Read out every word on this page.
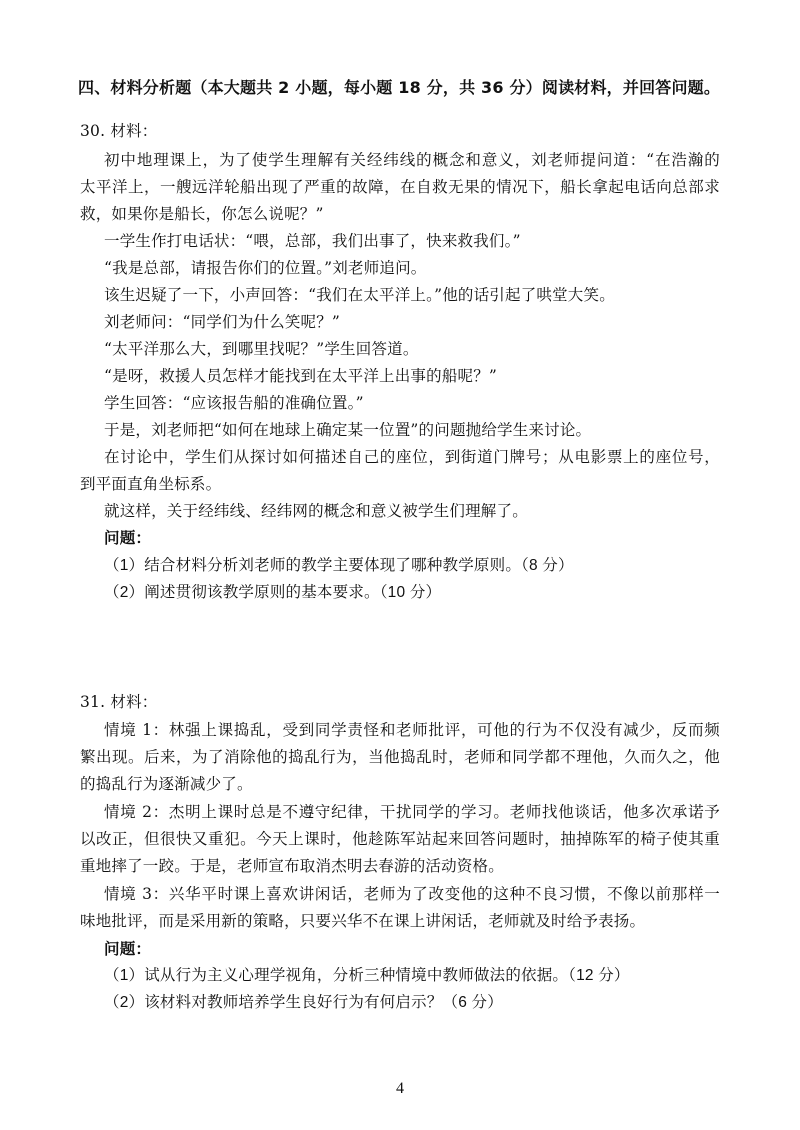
四、材料分析题（本大题共 2 小题，每小题 18 分，共 36 分）阅读材料，并回答问题。
30. 材料：
初中地理课上，为了使学生理解有关经纬线的概念和意义，刘老师提问道：“在浩瀚的
太平洋上，一艘远洋轮船出现了严重的故障，在自救无果的情况下，船长拿起电话向总部求
救，如果你是船长，你怎么说呢？”
一学生作打电话状：“喂，总部，我们出事了，快来救我们。”
“我是总部，请报告你们的位置。”刘老师追问。
该生迟疑了一下，小声回答：“我们在太平洋上。”他的话引起了哄堂大笑。
刘老师问：“同学们为什么笑呢？”
“太平洋那么大，到哪里找呢？”学生回答道。
“是呀，救援人员怎样才能找到在太平洋上出事的船呢？”
学生回答：“应该报告船的准确位置。”
于是，刘老师把“如何在地球上确定某一位置”的问题抛给学生来讨论。
在讨论中，学生们从探讨如何描述自己的座位，到街道门牌号；从电影票上的座位号，
到平面直角坐标系。
就这样，关于经纬线、经纬网的概念和意义被学生们理解了。
问题：
（1）结合材料分析刘老师的教学主要体现了哪种教学原则。（8 分）
（2）阐述贯彻该教学原则的基本要求。（10 分）
31. 材料：
情境 1：林强上课捣乱，受到同学责怪和老师批评，可他的行为不仅没有减少，反而频
繁出现。后来，为了消除他的捣乱行为，当他捣乱时，老师和同学都不理他，久而久之，他
的捣乱行为逐渐减少了。
情境 2：杰明上课时总是不遵守纪律，干扰同学的学习。老师找他谈话，他多次承诺予
以改正，但很快又重犯。今天上课时，他趁陈军站起来回答问题时，抽掉陈军的椅子使其重
重地摔了一跤。于是，老师宣布取消杰明去春游的活动资格。
情境 3：兴华平时课上喜欢讲闲话，老师为了改变他的这种不良习惯，不像以前那样一
味地批评，而是采用新的策略，只要兴华不在课上讲闲话，老师就及时给予表扬。
问题：
（1）试从行为主义心理学视角，分析三种情境中教师做法的依据。（12 分）
（2）该材料对教师培养学生良好行为有何启示？（6 分）
4
